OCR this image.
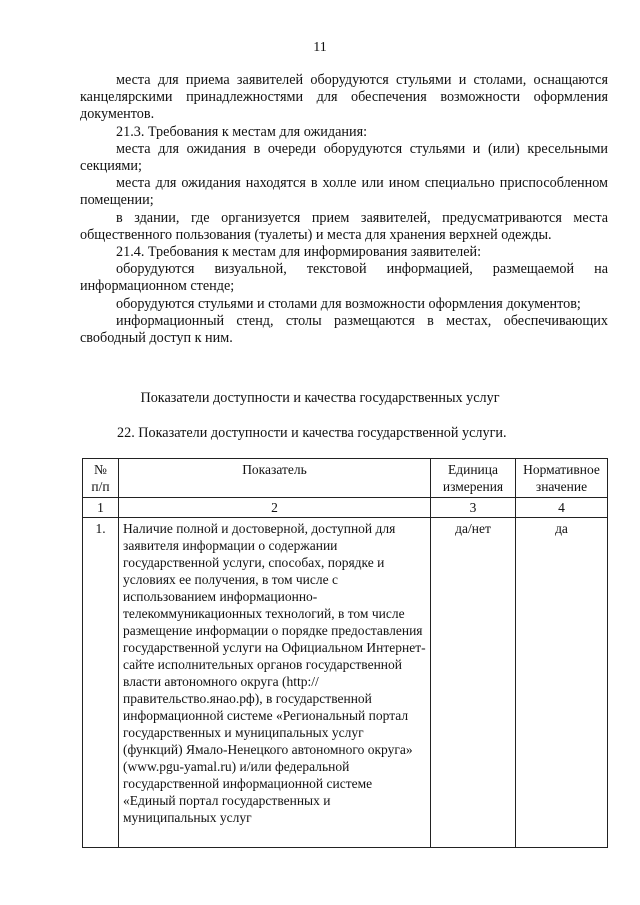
11

места для приема заявителей оборудуются стульями и столами, оснащаются канцелярскими принадлежностями для обеспечения возможности оформления документов.

21.3. Требования к местам для ожидания:

места для ожидания в очереди оборудуются стульями и (или) кресельными секциями;

места для ожидания находятся в холле или ином специально приспособленном помещении;

в здании, где организуется прием заявителей, предусматриваются места общественного пользования (туалеты) и места для хранения верхней одежды.

21.4. Требования к местам для информирования заявителей:

оборудуются визуальной, текстовой информацией, размещаемой на информационном стенде;

оборудуются стульями и столами для возможности оформления документов;

информационный стенд, столы размещаются в местах, обеспечивающих свободный доступ к ним.

Показатели доступности и качества государственных услуг
22. Показатели доступности и качества государственной услуги.
№ п/п	Показатель	Единица измерения	Нормативное значение
1	2	3	4
1.	Наличие полной и достоверной, доступной для заявителя информации о содержании государственной услуги, способах, порядке и условиях ее получения, в том числе с использованием информационно-телекоммуникационных технологий, в том числе размещение информации о порядке предоставления государственной услуги на Официальном Интернет-сайте исполнительных органов государственной власти автономного округа (http://правительство.янао.рф), в государственной информационной системе «Региональный портал государственных и муниципальных услуг (функций) Ямало-Ненецкого автономного округа» (www.pgu-yamal.ru) и/или федеральной государственной информационной системе «Единый портал государственных и муниципальных услуг	да/нет	да
